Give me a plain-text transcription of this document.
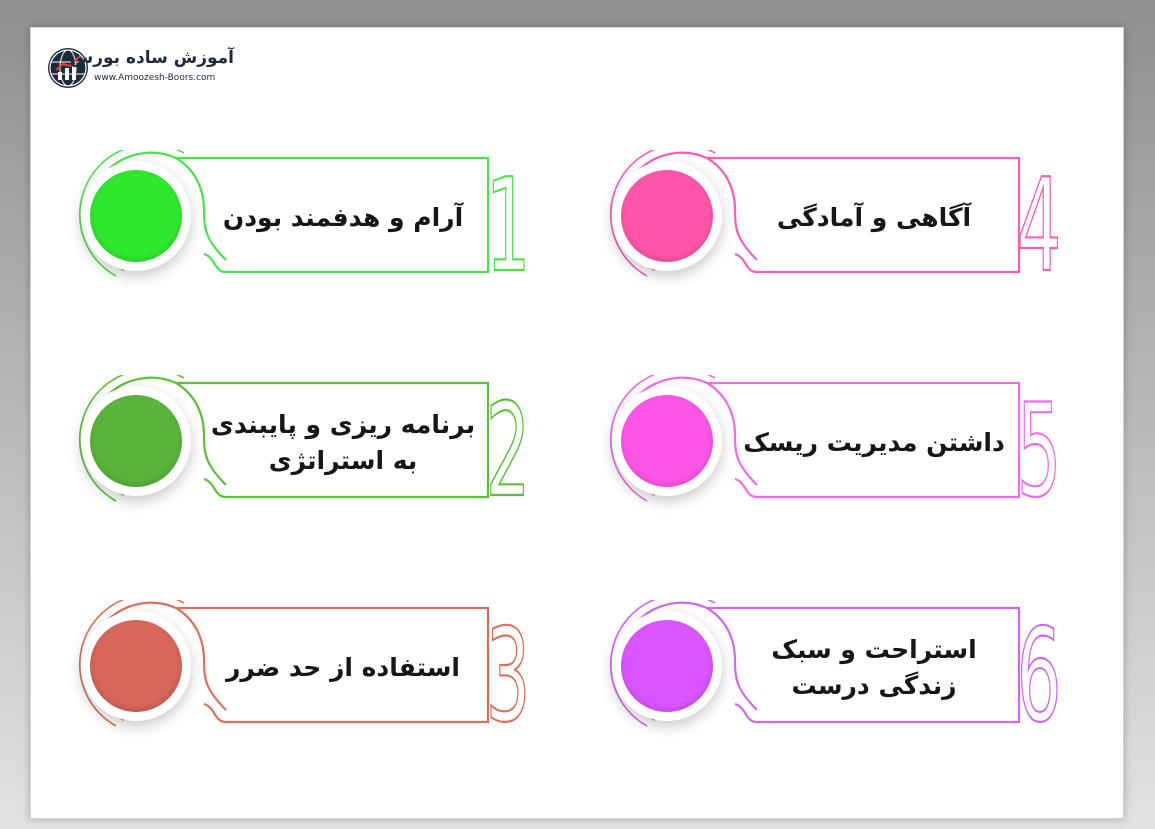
آموزش ساده بورس
www.Amoozesh-Boors.com
1
آرام و هدفمند بودن
2
برنامه ریزی و پایبندی
به استراتژی
3
استفاده از حد ضرر
4
آگاهی و آمادگی
5
داشتن مدیریت ریسک
6
استراحت و سبک
زندگی درست
